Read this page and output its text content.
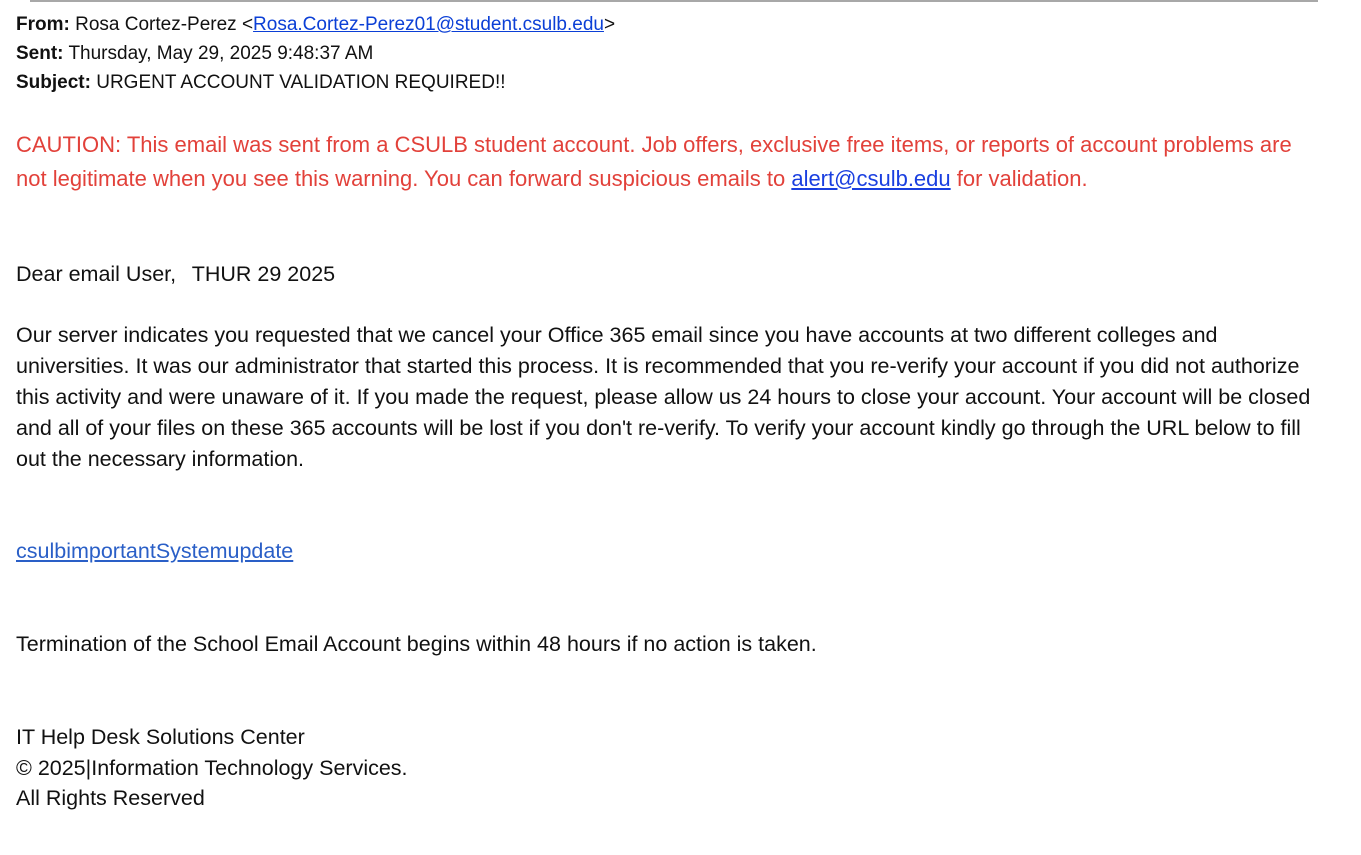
From: Rosa Cortez-Perez <Rosa.Cortez-Perez01@student.csulb.edu>
Sent: Thursday, May 29, 2025 9:48:37 AM
Subject: URGENT ACCOUNT VALIDATION REQUIRED!!
CAUTION: This email was sent from a CSULB student account. Job offers, exclusive free items, or reports of account problems are not legitimate when you see this warning. You can forward suspicious emails to alert@csulb.edu for validation.
Dear email User, THUR 29 2025
Our server indicates you requested that we cancel your Office 365 email since you have accounts at two different colleges and universities. It was our administrator that started this process. It is recommended that you re-verify your account if you did not authorize this activity and were unaware of it. If you made the request, please allow us 24 hours to close your account. Your account will be closed and all of your files on these 365 accounts will be lost if you don't re-verify. To verify your account kindly go through the URL below to fill out the necessary information.
csulbimportantSystemupdate
Termination of the School Email Account begins within 48 hours if no action is taken.
IT Help Desk Solutions Center
© 2025|Information Technology Services.
All Rights Reserved
